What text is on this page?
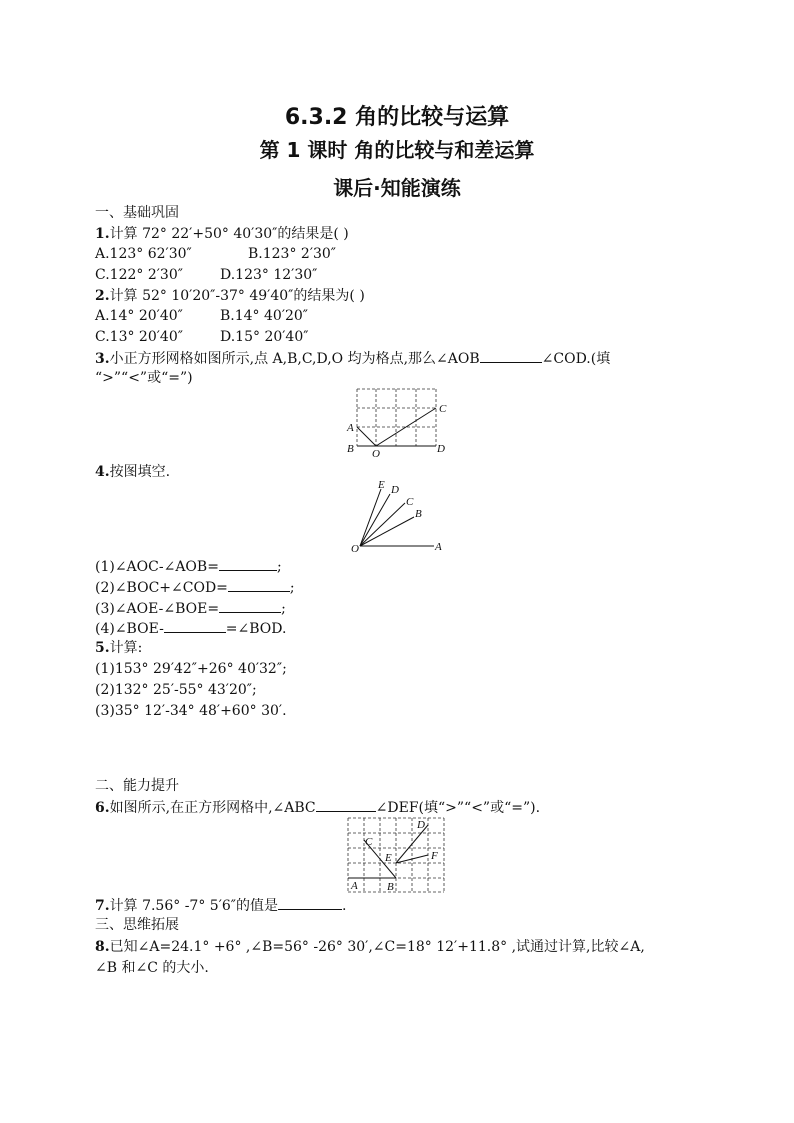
6.3.2 角的比较与运算
第 1 课时 角的比较与和差运算
课后·知能演练
一、基础巩固
1.计算 72° 22′+50° 40′30″的结果是( )
A.123° 62′30″	B.123° 2′30″
C.122° 2′30″	D.123° 12′30″
2.计算 52° 10′20″-37° 49′40″的结果为( )
A.14° 20′40″	B.14° 40′20″
C.13° 20′40″	D.15° 20′40″
3.小正方形网格如图所示,点 A,B,C,D,O 均为格点,那么∠AOB	∠COD.(填
“>”“<”或“=”)
A
B
C
D
O
4.按图填空.
E D
C
B
A
O
(1)∠AOC-∠AOB=	;
(2)∠BOC+∠COD=	;
(3)∠AOE-∠BOE=	;
(4)∠BOE-	=∠BOD.
5.计算:
(1)153° 29′42″+26° 40′32″;
(2)132° 25′-55° 43′20″;
(3)35° 12′-34° 48′+60° 30′.
二、能力提升
6.如图所示,在正方形网格中,∠ABC	∠DEF(填“>”“<”或“=”).
A	B
C
D
E	F
7.计算 7.56° -7° 5′6″的值是	.
三、思维拓展
8.已知∠A=24.1° +6° ,∠B=56° -26° 30′,∠C=18° 12′+11.8° ,试通过计算,比较∠A,
∠B 和∠C 的大小.
